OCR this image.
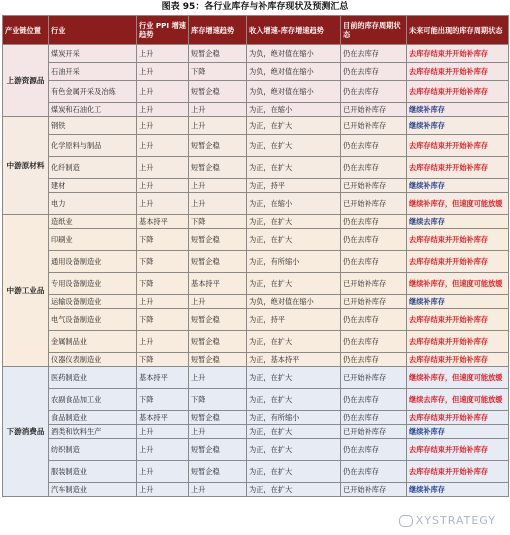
图表 95：各行业库存与补库存现状及预测汇总
产业链位置	行业	行业 PPI 增速趋势	库存增速趋势	收入增速-库存增速趋势	目前的库存周期状态	未来可能出现的库存周期状态
上游资源品	煤炭开采	上升	短暂企稳	为负，绝对值在缩小	仍在去库存	去库存结束并开始补库存
	石油开采	上升	下降	为负，绝对值在缩小	仍在去库存	去库存结束并开始补库存
	有色金属开采及冶炼	上升	短暂企稳	为负，绝对值在缩小	仍在去库存	去库存结束并开始补库存
	煤炭和石油化工	上升	上升	为正，在缩小	已开始补库存	继续补库存
中游原材料	钢铁	上升	上升	为正，在扩大	已开始补库存	继续补库存
	化学原料与制品	上升	短暂企稳	为正，在扩大	仍在去库存	去库存结束并开始补库存
	化纤制造	上升	短暂企稳	为正，在扩大	仍在去库存	去库存结束并开始补库存
	建材	上升	上升	为正，持平	已开始补库存	继续补库存
	电力	上升	上升	为正，在缩小	已开始补库存	继续补库存，但速度可能放缓
中游工业品	造纸业	基本持平	下降	为正，在扩大	仍在去库存	继续去库存
	印刷业	下降	短暂企稳	为正，在扩大	仍在去库存	去库存结束并开始补库存
	通用设备制造业	下降	短暂企稳	为正，有所缩小	仍在去库存	去库存结束并开始补库存
	专用设备制造业	下降	基本持平	为正，在扩大	已开始补库存	继续补库存，但速度可能放缓
	运输设备制造业	上升	上升	为负，绝对值在缩小	已开始补库存	继续补库存
	电气设备制造业	下降	短暂企稳	为正，持平	仍在去库存	去库存结束并开始补库存
	金属制品业	上升	短暂企稳	为正，在扩大	仍在去库存	去库存结束并开始补库存
	仪器仪表制造业	下降	短暂企稳	为正，基本持平	仍在去库存	去库存结束并开始补库存
下游消费品	医药制造业	基本持平	上升	为正，在扩大	已开始补库存	继续补库存，但速度可能放缓
	农副食品加工业	下降	下降	为正，在扩大	仍在去库存	继续去库存，但速度可能放缓
	食品制造业	基本持平	短暂企稳	为正，有所缩小	仍在去库存	去库存结束并开始补库存
	酒类和饮料生产	上升	上升	为正，在扩大	已开始补库存	继续补库存
	纺织制造	上升	短暂企稳	为正，在扩大	仍在去库存	去库存结束并开始补库存
	服装制造业	上升	短暂企稳	为正，在扩大	仍在去库存	去库存结束并开始补库存
	汽车制造业	上升	上升	为正，在扩大	已开始补库存	继续补库存
XYSTRATEGY
